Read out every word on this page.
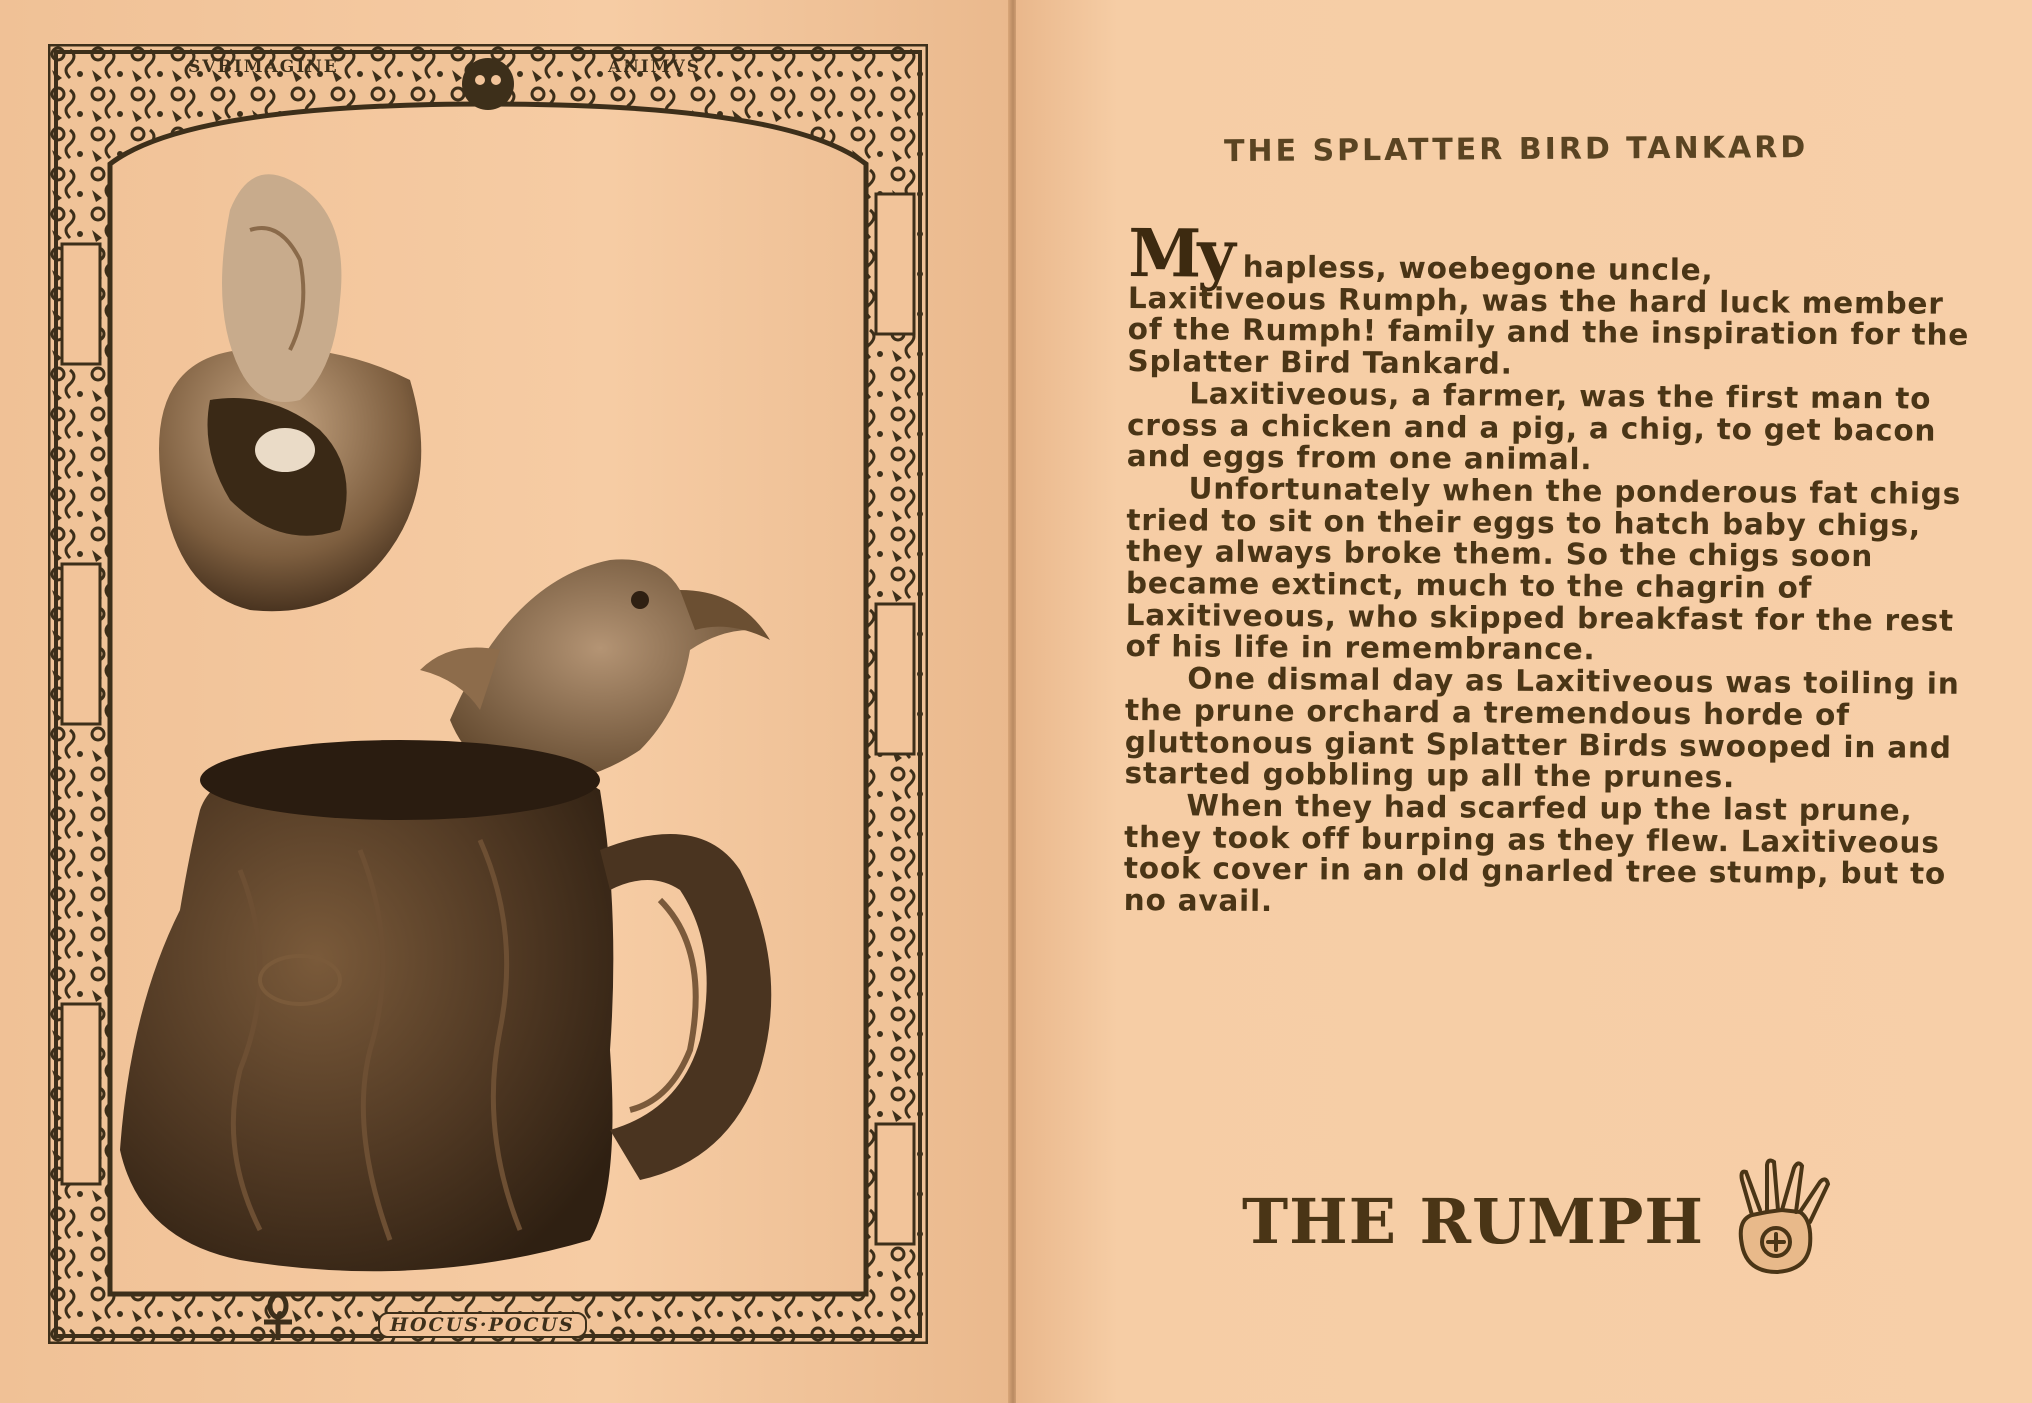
SVBIMAGINE	ANIMVS
HOCUS·POCUS
THE SPLATTER BIRD TANKARD

My hapless, woebegone uncle,
Laxitiveous Rumph, was the hard luck member of the Rumph! family and the inspiration for the Splatter Bird Tankard.

Laxitiveous, a farmer, was the first man to cross a chicken and a pig, a chig, to get bacon and eggs from one animal.

Unfortunately when the ponderous fat chigs tried to sit on their eggs to hatch baby chigs, they always broke them. So the chigs soon became extinct, much to the chagrin of Laxitiveous, who skipped breakfast for the rest of his life in remembrance.

One dismal day as Laxitiveous was toiling in the prune orchard a tremendous horde of gluttonous giant Splatter Birds swooped in and started gobbling up all the prunes.

When they had scarfed up the last prune, they took off burping as they flew. Laxitiveous took cover in an old gnarled tree stump, but to no avail.

THE RUMPH
